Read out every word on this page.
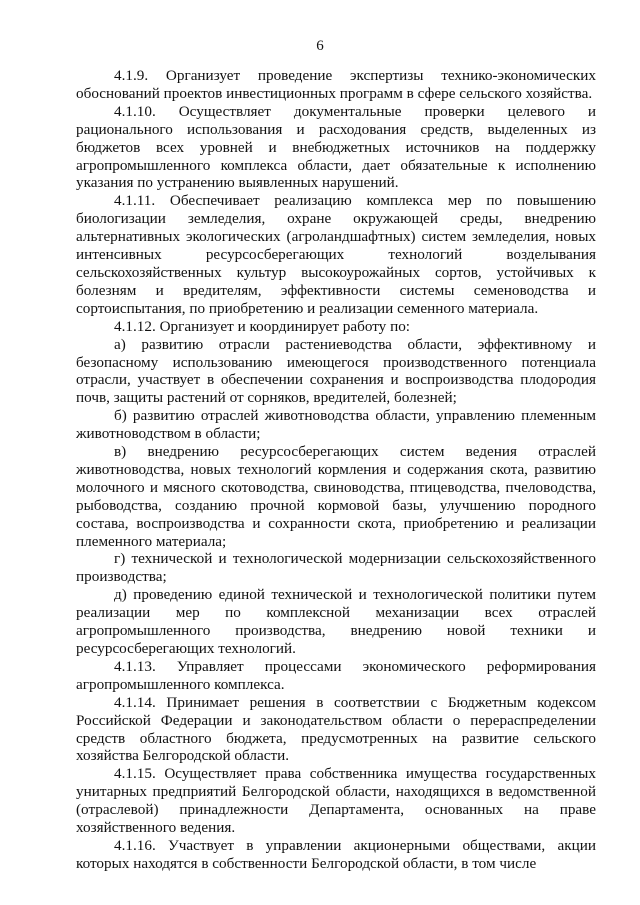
6

4.1.9. Организует проведение экспертизы технико-экономических обоснований проектов инвестиционных программ в сфере сельского хозяйства.

4.1.10. Осуществляет документальные проверки целевого и рационального использования и расходования средств, выделенных из бюджетов всех уровней и внебюджетных источников на поддержку агропромышленного комплекса области, дает обязательные к исполнению указания по устранению выявленных нарушений.

4.1.11. Обеспечивает реализацию комплекса мер по повышению биологизации земледелия, охране окружающей среды, внедрению альтернативных экологических (агроландшафтных) систем земледелия, новых интенсивных ресурсосберегающих технологий возделывания сельскохозяйственных культур высокоурожайных сортов, устойчивых к болезням и вредителям, эффективности системы семеноводства и сортоиспытания, по приобретению и реализации семенного материала.

4.1.12. Организует и координирует работу по:

а) развитию отрасли растениеводства области, эффективному и безопасному использованию имеющегося производственного потенциала отрасли, участвует в обеспечении сохранения и воспроизводства плодородия почв, защиты растений от сорняков, вредителей, болезней;

б) развитию отраслей животноводства области, управлению племенным животноводством в области;

в) внедрению ресурсосберегающих систем ведения отраслей животноводства, новых технологий кормления и содержания скота, развитию молочного и мясного скотоводства, свиноводства, птицеводства, пчеловодства, рыбоводства, созданию прочной кормовой базы, улучшению породного состава, воспроизводства и сохранности скота, приобретению и реализации племенного материала;

г) технической и технологической модернизации сельскохозяйственного производства;

д) проведению единой технической и технологической политики путем реализации мер по комплексной механизации всех отраслей агропромышленного производства, внедрению новой техники и ресурсосберегающих технологий.

4.1.13. Управляет процессами экономического реформирования агропромышленного комплекса.

4.1.14. Принимает решения в соответствии с Бюджетным кодексом Российской Федерации и законодательством области о перераспределении средств областного бюджета, предусмотренных на развитие сельского хозяйства Белгородской области.

4.1.15. Осуществляет права собственника имущества государственных унитарных предприятий Белгородской области, находящихся в ведомственной (отраслевой) принадлежности Департамента, основанных на праве хозяйственного ведения.

4.1.16. Участвует в управлении акционерными обществами, акции которых находятся в собственности Белгородской области, в том числе
